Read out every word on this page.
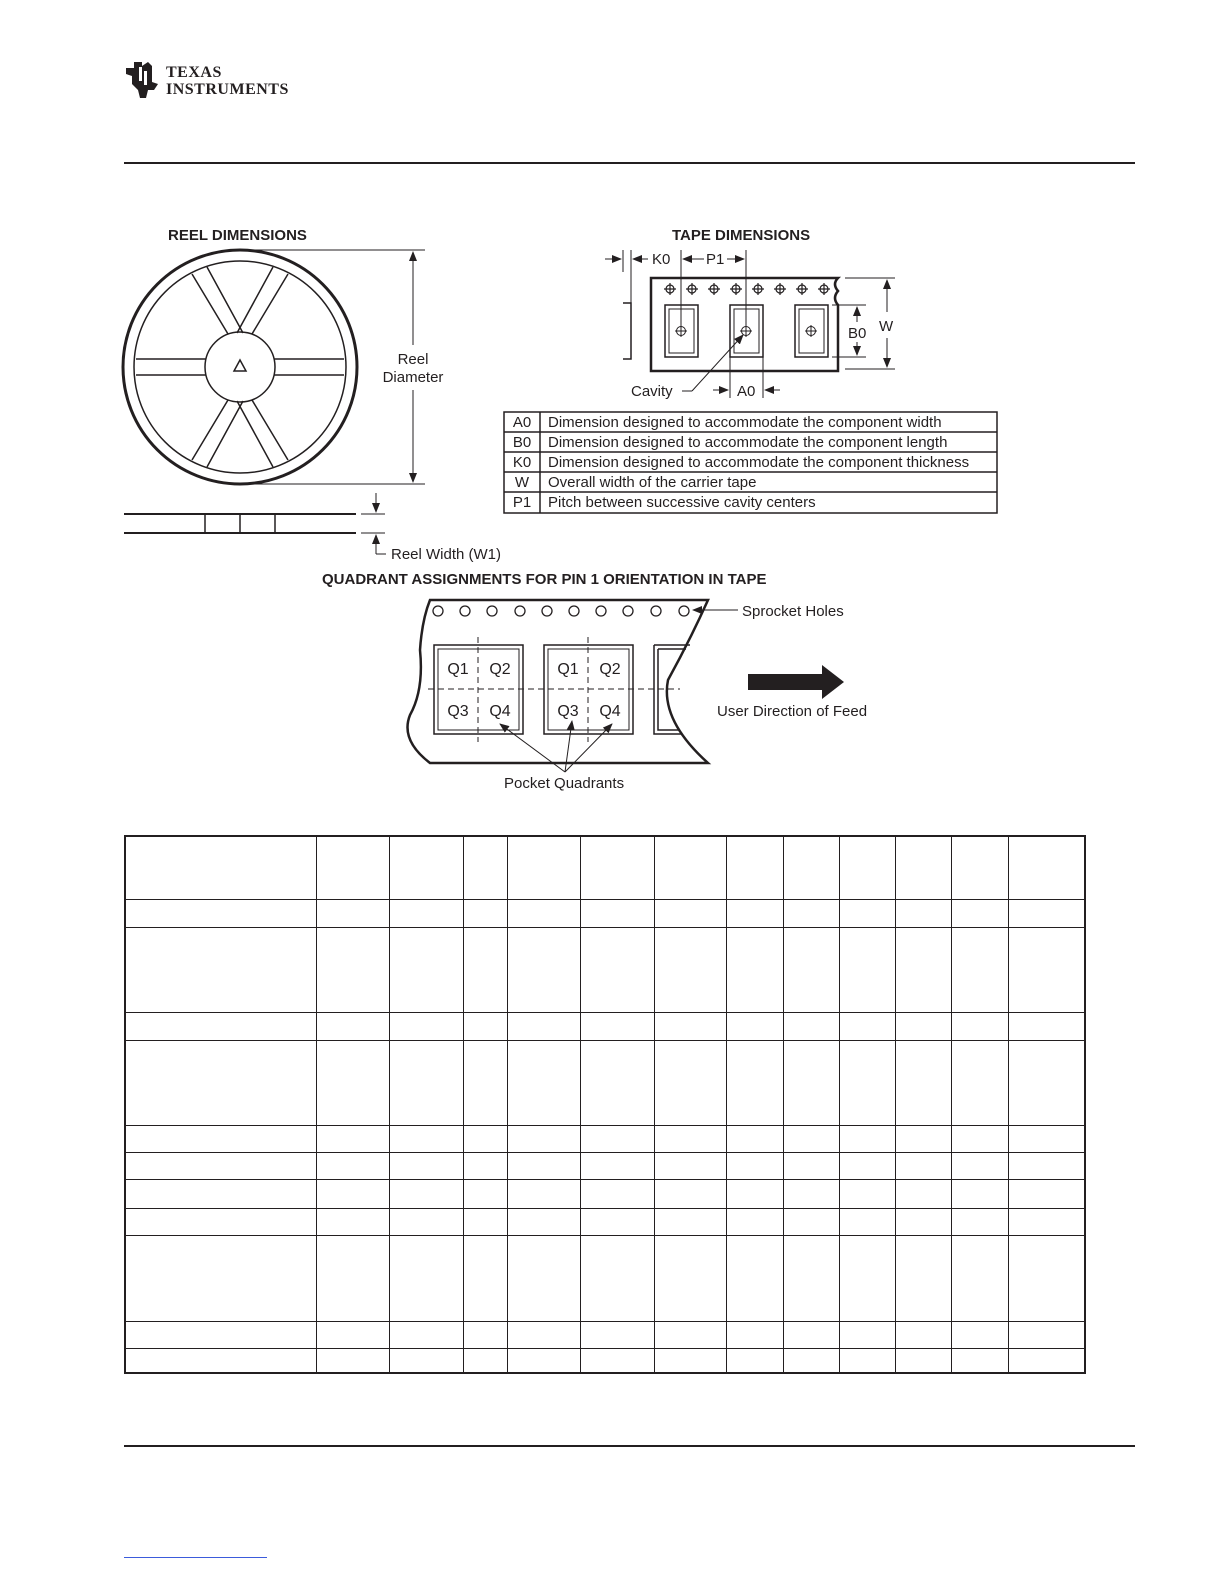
TEXAS
INSTRUMENTS
REEL DIMENSIONS
Reel
Diameter
Reel Width (W1)
TAPE DIMENSIONS
K0 P1
B0 W
A0
Cavity
A0 Dimension designed to accommodate the component width
B0 Dimension designed to accommodate the component length
K0 Dimension designed to accommodate the component thickness
W Overall width of the carrier tape
P1 Pitch between successive cavity centers
QUADRANT ASSIGNMENTS FOR PIN 1 ORIENTATION IN TAPE
Q1 Q2
Q3 Q4
Q1 Q2
Q3 Q4
Sprocket Holes
User Direction of Feed
Pocket Quadrants
